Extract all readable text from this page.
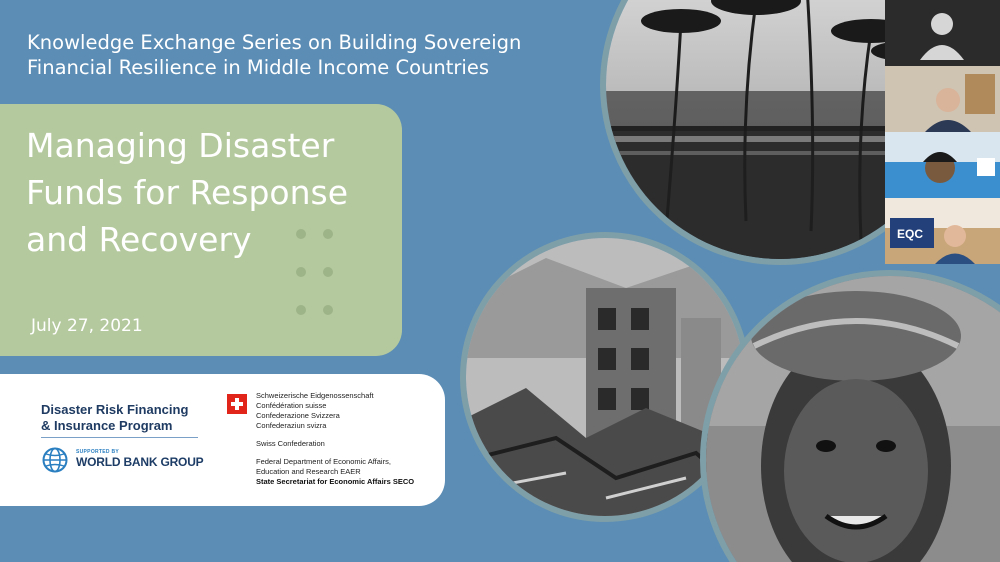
Knowledge Exchange Series on Building Sovereign
Financial Resilience in Middle Income Countries
Managing Disaster
Funds for Response
and Recovery
July 27, 2021
Disaster Risk Financing
& Insurance Program
SUPPORTED BY
WORLD BANK GROUP
Schweizerische Eidgenossenschaft
Confédération suisse
Confederazione Svizzera
Confederaziun svizra
Swiss Confederation
Federal Department of Economic Affairs,
Education and Research EAER
State Secretariat for Economic Affairs SECO
EQC
